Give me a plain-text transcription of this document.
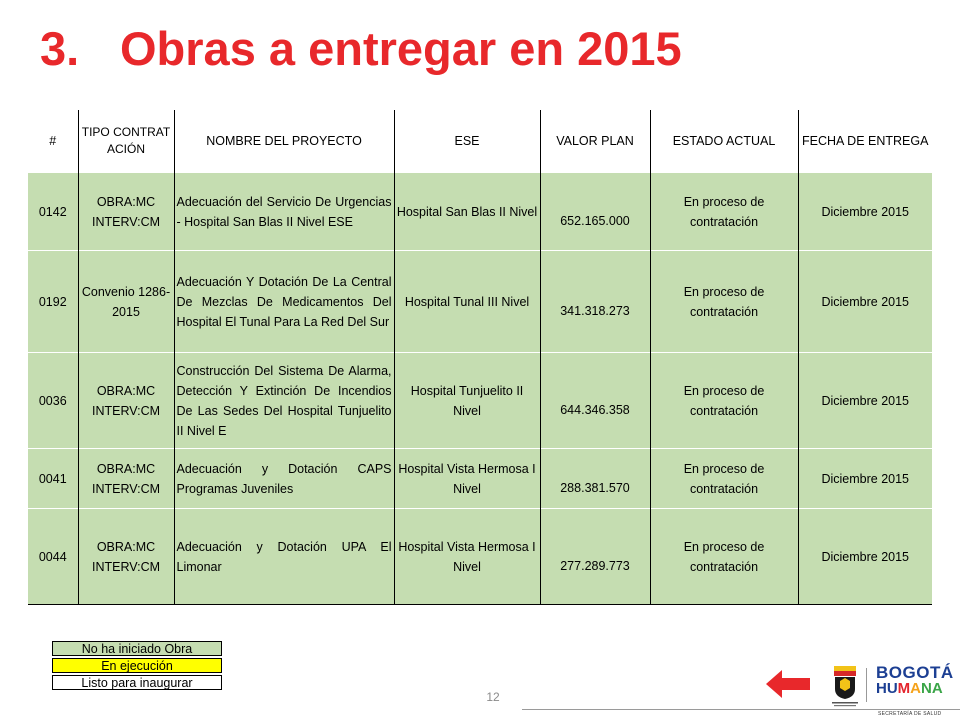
3. Obras a entregar en 2015
#	TIPO CONTRATACIÓN	NOMBRE DEL PROYECTO	ESE	VALOR PLAN	ESTADO ACTUAL	FECHA DE ENTREGA
0142	OBRA:MC INTERV:CM	Adecuación del Servicio De Urgencias - Hospital San Blas II Nivel ESE	Hospital San Blas II Nivel	652.165.000	En proceso de contratación	Diciembre 2015
0192	Convenio 1286-2015	Adecuación Y Dotación De La Central De Mezclas De Medicamentos Del Hospital El Tunal Para La Red Del Sur	Hospital Tunal III Nivel	341.318.273	En proceso de contratación	Diciembre 2015
0036	OBRA:MC INTERV:CM	Construcción Del Sistema De Alarma, Detección Y Extinción De Incendios De Las Sedes Del Hospital Tunjuelito II Nivel E	Hospital Tunjuelito II Nivel	644.346.358	En proceso de contratación	Diciembre 2015
0041	OBRA:MC INTERV:CM	Adecuación y Dotación CAPS Programas Juveniles	Hospital Vista Hermosa I Nivel	288.381.570	En proceso de contratación	Diciembre 2015
0044	OBRA:MC INTERV:CM	Adecuación y Dotación UPA El Limonar	Hospital Vista Hermosa I Nivel	277.289.773	En proceso de contratación	Diciembre 2015
No ha iniciado Obra
En ejecución
Listo para inaugurar
12
BOGOTÁ
HUMANA
SECRETARÍA DE SALUD
